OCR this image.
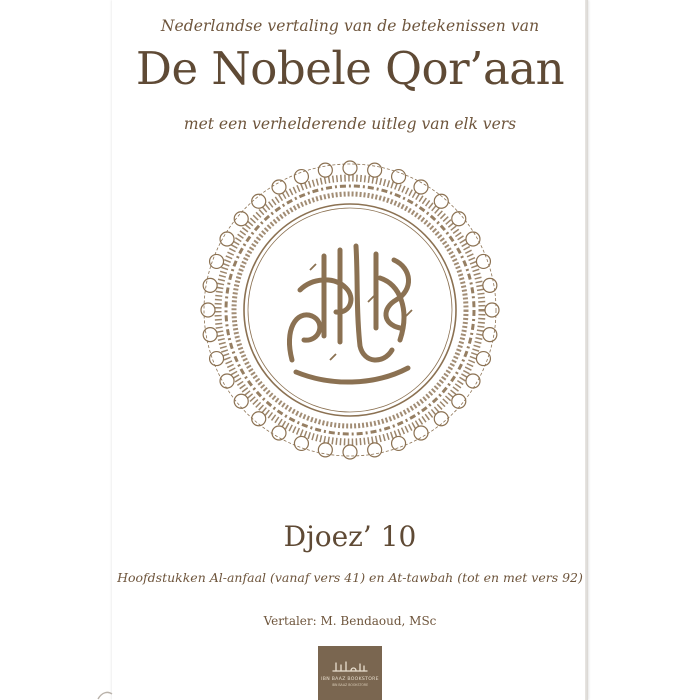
Nederlandse vertaling van de betekenissen van
De Nobele Qor’aan
met een verhelderende uitleg van elk vers
Djoez’ 10
Hoofdstukken Al-anfaal (vanaf vers 41) en At-tawbah (tot en met vers 92)
Vertaler: M. Bendaoud, MSc
IBN BAAZ BOOKSTORE
IBN BAAZ BOOKSTORE
